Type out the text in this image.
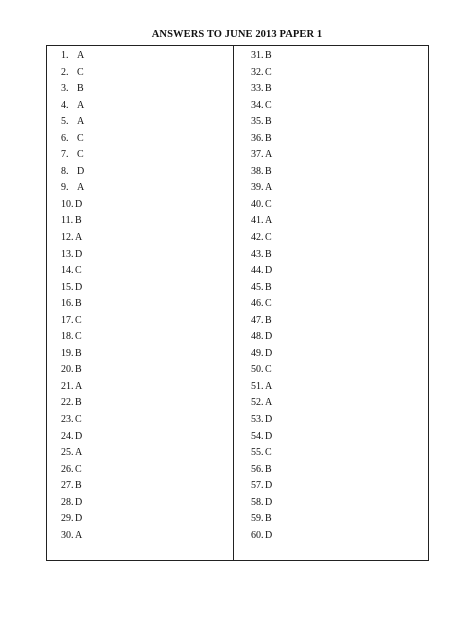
ANSWERS TO JUNE 2013 PAPER 1
1. A
2. C
3. B
4. A
5. A
6. C
7. C
8. D
9. A
10. D
11. B
12. A
13. D
14. C
15. D
16. B
17. C
18. C
19. B
20. B
21. A
22. B
23. C
24. D
25. A
26. C
27. B
28. D
29. D
30. A
31. B
32. C
33. B
34. C
35. B
36. B
37. A
38. B
39. A
40. C
41. A
42. C
43. B
44. D
45. B
46. C
47. B
48. D
49. D
50. C
51. A
52. A
53. D
54. D
55. C
56. B
57. D
58. D
59. B
60. D
